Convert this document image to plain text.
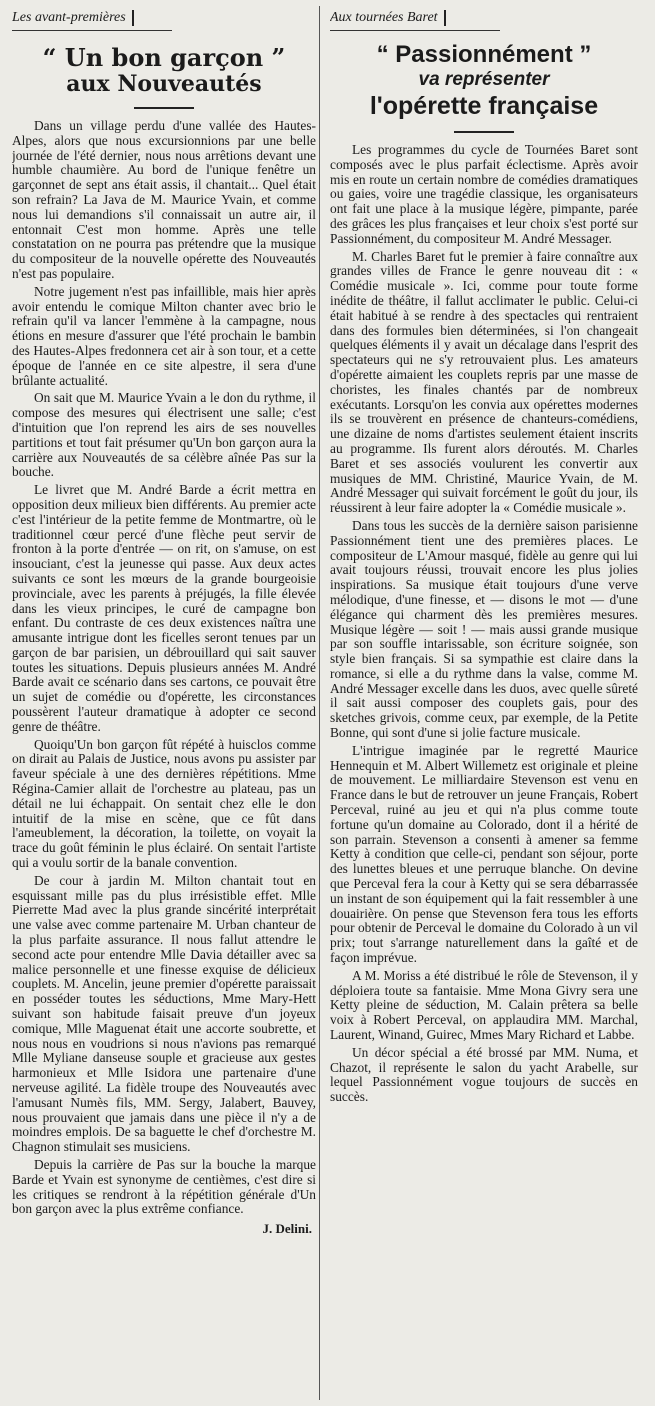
Les avant-premières
“ Un bon garçon ”
aux Nouveautés

Dans un village perdu d'une vallée des Hautes-Alpes, alors que nous excursionnions par une belle journée de l'été dernier, nous nous arrêtions devant une humble chaumière. Au bord de l'unique fenêtre un garçonnet de sept ans était assis, il chantait... Quel était son refrain? La Java de M. Maurice Yvain, et comme nous lui demandions s'il connaissait un autre air, il entonnait C'est mon homme. Après une telle constatation on ne pourra pas prétendre que la musique du compositeur de la nouvelle opérette des Nouveautés n'est pas populaire.

Notre jugement n'est pas infaillible, mais hier après avoir entendu le comique Milton chanter avec brio le refrain qu'il va lancer l'emmène à la campagne, nous étions en mesure d'assurer que l'été prochain le bambin des Hautes-Alpes fredonnera cet air à son tour, et a cette époque de l'année en ce site alpestre, il sera d'une brûlante actualité.

On sait que M. Maurice Yvain a le don du rythme, il compose des mesures qui électrisent une salle; c'est d'intuition que l'on reprend les airs de ses nouvelles partitions et tout fait présumer qu'Un bon garçon aura la carrière aux Nouveautés de sa célèbre aînée Pas sur la bouche.

Le livret que M. André Barde a écrit mettra en opposition deux milieux bien différents. Au premier acte c'est l'intérieur de la petite femme de Montmartre, où le traditionnel cœur percé d'une flèche peut servir de fronton à la porte d'entrée — on rit, on s'amuse, on est insouciant, c'est la jeunesse qui passe. Aux deux actes suivants ce sont les mœurs de la grande bourgeoisie provinciale, avec les parents à préjugés, la fille élevée dans les vieux principes, le curé de campagne bon enfant. Du contraste de ces deux existences naîtra une amusante intrigue dont les ficelles seront tenues par un garçon de bar parisien, un débrouillard qui sait sauver toutes les situations. Depuis plusieurs années M. André Barde avait ce scénario dans ses cartons, ce pouvait être un sujet de comédie ou d'opérette, les circonstances poussèrent l'auteur dramatique à adopter ce second genre de théâtre.

Quoiqu'Un bon garçon fût répété à huisclos comme on dirait au Palais de Justice, nous avons pu assister par faveur spéciale à une des dernières répétitions. Mme Régina-Camier allait de l'orchestre au plateau, pas un détail ne lui échappait. On sentait chez elle le don intuitif de la mise en scène, que ce fût dans l'ameublement, la décoration, la toilette, on voyait la trace du goût féminin le plus éclairé. On sentait l'artiste qui a voulu sortir de la banale convention.

De cour à jardin M. Milton chantait tout en esquissant mille pas du plus irrésistible effet. Mlle Pierrette Mad avec la plus grande sincérité interprétait une valse avec comme partenaire M. Urban chanteur de la plus parfaite assurance. Il nous fallut attendre le second acte pour entendre Mlle Davia détailler avec sa malice personnelle et une finesse exquise de délicieux couplets. M. Ancelin, jeune premier d'opérette paraissait en posséder toutes les séductions, Mme Mary-Hett suivant son habitude faisait preuve d'un joyeux comique, Mlle Maguenat était une accorte soubrette, et nous nous en voudrions si nous n'avions pas remarqué Mlle Myliane danseuse souple et gracieuse aux gestes harmonieux et Mlle Isidora une partenaire d'une nerveuse agilité. La fidèle troupe des Nouveautés avec l'amusant Numès fils, MM. Sergy, Jalabert, Bauvey, nous prouvaient que jamais dans une pièce il n'y a de moindres emplois. De sa baguette le chef d'orchestre M. Chagnon stimulait ses musiciens.

Depuis la carrière de Pas sur la bouche la marque Barde et Yvain est synonyme de centièmes, c'est dire si les critiques se rendront à la répétition générale d'Un bon garçon avec la plus extrême confiance.

J. Delini.
Aux tournées Baret
“ Passionnément ”
va représenter
l'opérette française

Les programmes du cycle de Tournées Baret sont composés avec le plus parfait éclectisme. Après avoir mis en route un certain nombre de comédies dramatiques ou gaies, voire une tragédie classique, les organisateurs ont fait une place à la musique légère, pimpante, parée des grâces les plus françaises et leur choix s'est porté sur Passionnément, du compositeur M. André Messager.

M. Charles Baret fut le premier à faire connaître aux grandes villes de France le genre nouveau dit : « Comédie musicale ». Ici, comme pour toute forme inédite de théâtre, il fallut acclimater le public. Celui-ci était habitué à se rendre à des spectacles qui rentraient dans des formules bien déterminées, si l'on changeait quelques éléments il y avait un décalage dans l'esprit des spectateurs qui ne s'y retrouvaient plus. Les amateurs d'opérette aimaient les couplets repris par une masse de choristes, les finales chantés par de nombreux exécutants. Lorsqu'on les convia aux opérettes modernes ils se trouvèrent en présence de chanteurs-comédiens, une dizaine de noms d'artistes seulement étaient inscrits au programme. Ils furent alors déroutés. M. Charles Baret et ses associés voulurent les convertir aux musiques de MM. Christiné, Maurice Yvain, de M. André Messager qui suivait forcément le goût du jour, ils réussirent à leur faire adopter la « Comédie musicale ».

Dans tous les succès de la dernière saison parisienne Passionnément tient une des premières places. Le compositeur de L'Amour masqué, fidèle au genre qui lui avait toujours réussi, trouvait encore les plus jolies inspirations. Sa musique était toujours d'une verve mélodique, d'une finesse, et — disons le mot — d'une élégance qui charment dès les premières mesures. Musique légère — soit ! — mais aussi grande musique par son souffle intarissable, son écriture soignée, son style bien français. Si sa sympathie est claire dans la romance, si elle a du rythme dans la valse, comme M. André Messager excelle dans les duos, avec quelle sûreté il sait aussi composer des couplets gais, pour des sketches grivois, comme ceux, par exemple, de la Petite Bonne, qui sont d'une si jolie facture musicale.

L'intrigue imaginée par le regretté Maurice Hennequin et M. Albert Willemetz est originale et pleine de mouvement. Le milliardaire Stevenson est venu en France dans le but de retrouver un jeune Français, Robert Perceval, ruiné au jeu et qui n'a plus comme toute fortune qu'un domaine au Colorado, dont il a hérité de son parrain. Stevenson a consenti à amener sa femme Ketty à condition que celle-ci, pendant son séjour, porte des lunettes bleues et une perruque blanche. On devine que Perceval fera la cour à Ketty qui se sera débarrassée un instant de son équipement qui la fait ressembler à une douairière. On pense que Stevenson fera tous les efforts pour obtenir de Perceval le domaine du Colorado à un vil prix; tout s'arrange naturellement dans la gaîté et de façon imprévue.

A M. Moriss a été distribué le rôle de Stevenson, il y déploiera toute sa fantaisie. Mme Mona Givry sera une Ketty pleine de séduction, M. Calain prêtera sa belle voix à Robert Perceval, on applaudira MM. Marchal, Laurent, Winand, Guirec, Mmes Mary Richard et Labbe.

Un décor spécial a été brossé par MM. Numa, et Chazot, il représente le salon du yacht Arabelle, sur lequel Passionnément vogue toujours de succès en succès.
